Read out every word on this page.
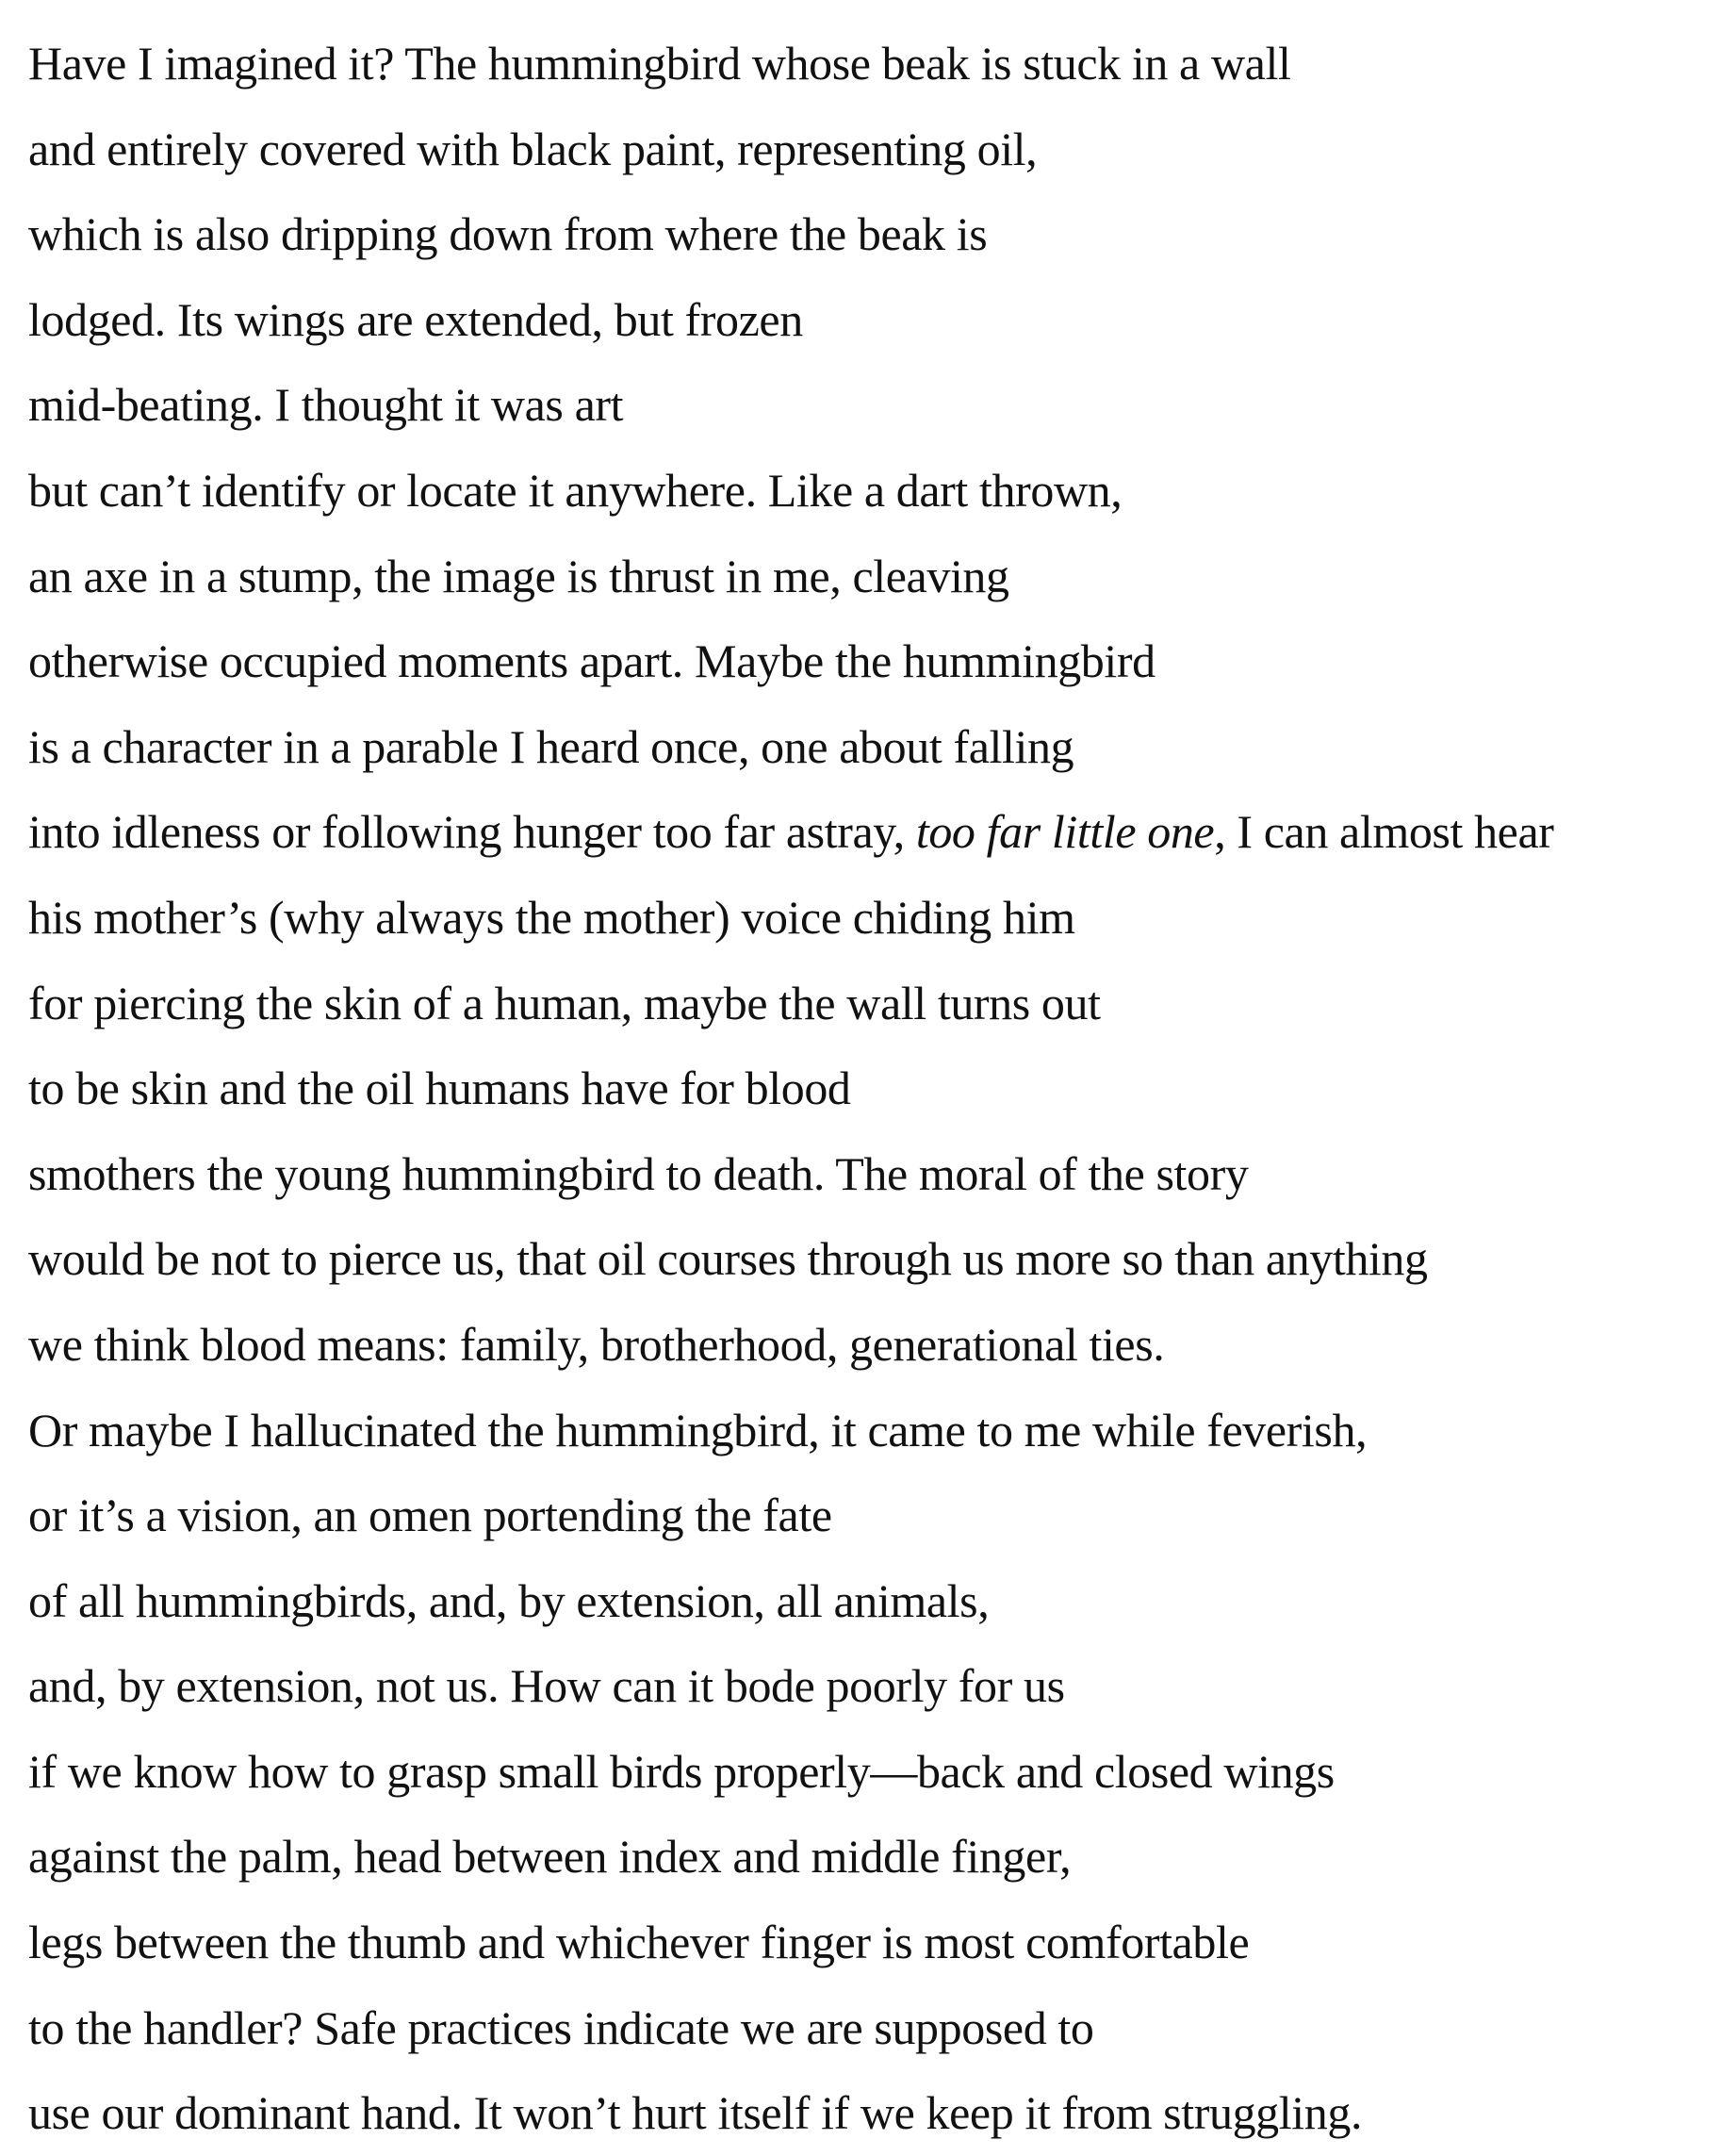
Have I imagined it? The hummingbird whose beak is stuck in a wall
and entirely covered with black paint, representing oil,
which is also dripping down from where the beak is
lodged. Its wings are extended, but frozen
mid-beating. I thought it was art
but can’t identify or locate it anywhere. Like a dart thrown,
an axe in a stump, the image is thrust in me, cleaving
otherwise occupied moments apart. Maybe the hummingbird
is a character in a parable I heard once, one about falling
into idleness or following hunger too far astray, too far little one, I can almost hear
his mother’s (why always the mother) voice chiding him
for piercing the skin of a human, maybe the wall turns out
to be skin and the oil humans have for blood
smothers the young hummingbird to death. The moral of the story
would be not to pierce us, that oil courses through us more so than anything
we think blood means: family, brotherhood, generational ties.
Or maybe I hallucinated the hummingbird, it came to me while feverish,
or it’s a vision, an omen portending the fate
of all hummingbirds, and, by extension, all animals,
and, by extension, not us. How can it bode poorly for us
if we know how to grasp small birds properly—back and closed wings
against the palm, head between index and middle finger,
legs between the thumb and whichever finger is most comfortable
to the handler? Safe practices indicate we are supposed to
use our dominant hand. It won’t hurt itself if we keep it from struggling.
